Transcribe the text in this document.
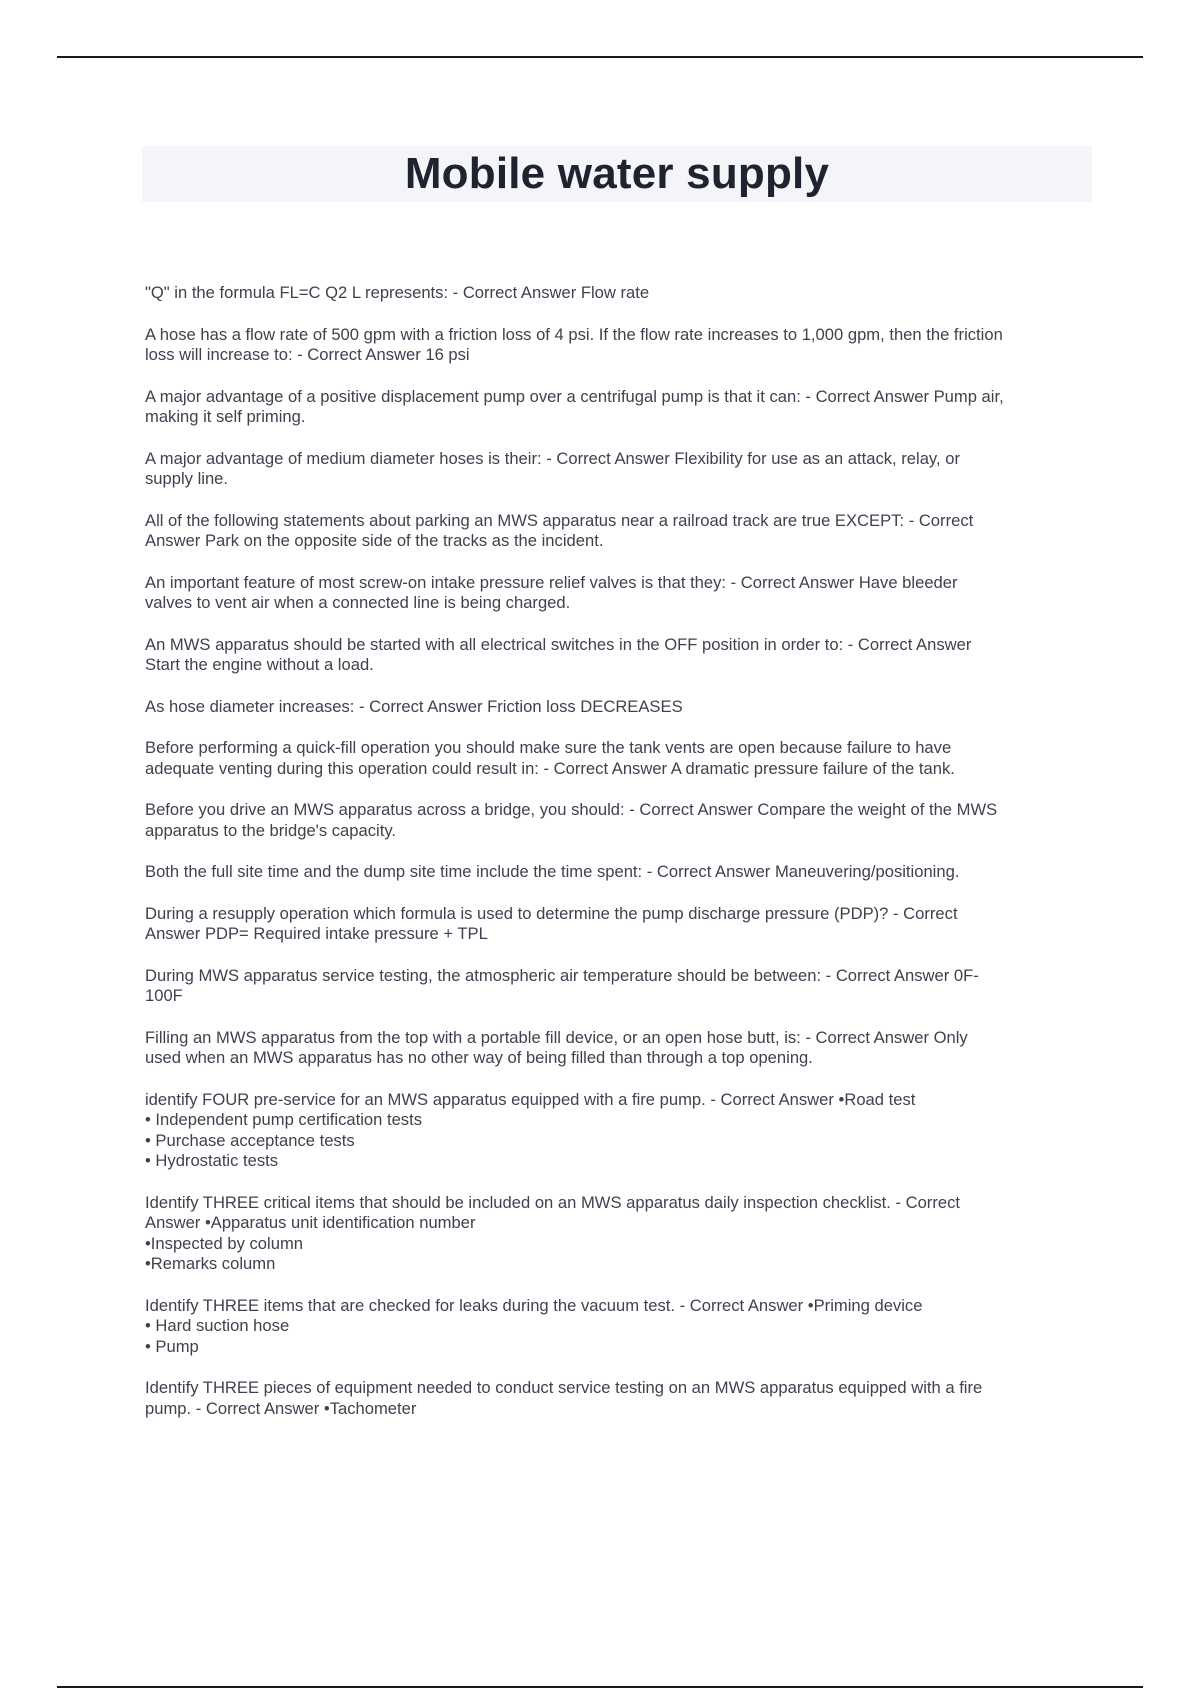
Mobile water supply
"Q" in the formula FL=C Q2 L represents: - Correct Answer Flow rate
A hose has a flow rate of 500 gpm with a friction loss of 4 psi. If the flow rate increases to 1,000 gpm, then the friction
loss will increase to: - Correct Answer 16 psi
A major advantage of a positive displacement pump over a centrifugal pump is that it can: - Correct Answer Pump air,
making it self priming.
A major advantage of medium diameter hoses is their: - Correct Answer Flexibility for use as an attack, relay, or
supply line.
All of the following statements about parking an MWS apparatus near a railroad track are true EXCEPT: - Correct
Answer Park on the opposite side of the tracks as the incident.
An important feature of most screw-on intake pressure relief valves is that they: - Correct Answer Have bleeder
valves to vent air when a connected line is being charged.
An MWS apparatus should be started with all electrical switches in the OFF position in order to: - Correct Answer
Start the engine without a load.
As hose diameter increases: - Correct Answer Friction loss DECREASES
Before performing a quick-fill operation you should make sure the tank vents are open because failure to have
adequate venting during this operation could result in: - Correct Answer A dramatic pressure failure of the tank.
Before you drive an MWS apparatus across a bridge, you should: - Correct Answer Compare the weight of the MWS
apparatus to the bridge's capacity.
Both the full site time and the dump site time include the time spent: - Correct Answer Maneuvering/positioning.
During a resupply operation which formula is used to determine the pump discharge pressure (PDP)? - Correct
Answer PDP= Required intake pressure + TPL
During MWS apparatus service testing, the atmospheric air temperature should be between: - Correct Answer 0F-
100F
Filling an MWS apparatus from the top with a portable fill device, or an open hose butt, is: - Correct Answer Only
used when an MWS apparatus has no other way of being filled than through a top opening.
identify FOUR pre-service for an MWS apparatus equipped with a fire pump. - Correct Answer •Road test
• Independent pump certification tests
• Purchase acceptance tests
• Hydrostatic tests
Identify THREE critical items that should be included on an MWS apparatus daily inspection checklist. - Correct
Answer •Apparatus unit identification number
•Inspected by column
•Remarks column
Identify THREE items that are checked for leaks during the vacuum test. - Correct Answer •Priming device
• Hard suction hose
• Pump
Identify THREE pieces of equipment needed to conduct service testing on an MWS apparatus equipped with a fire
pump. - Correct Answer •Tachometer
